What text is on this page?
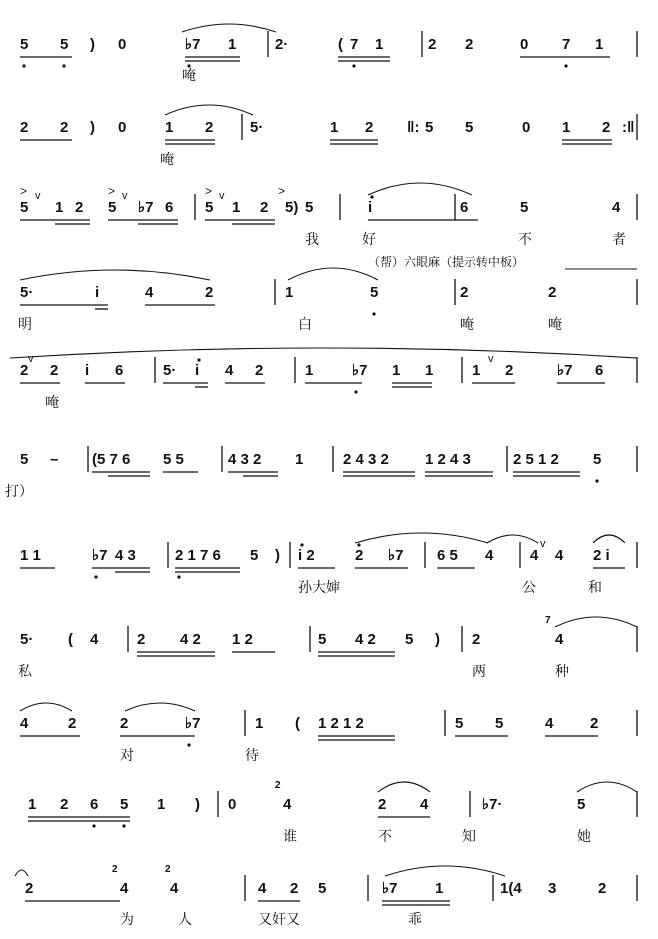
5 5 ) 0	♭7 1	2·	( 7 1	2 2	0 7 1
唵
2 2 ) 0	1 2 5·	1 2 ‖: 5 5	0 1 2 :‖
唵
5 1 2 5 ♭7 6 5 1 2 5) 5	i	6	5	4
我	好	不	者
>	>	>	>
v	v	v
5·	i	4	2	1	5	2	2
明	白	唵	唵
（帮）六眼麻（提示转中板）
2 2 i 6	5· i 4 2	1	♭7 1 1	1 2	♭7 6
唵
v	v
5 – (5 7 6 5 5	4 3 2 1	2 4 3 2 1 2 4 3	2 5 1 2 5
打）
1 1	♭7 4 3	2 1 7 6 5 ) i 2	2 ♭7 6 5 4 4 4 2 i
孙大婶	公	和
v
5· ( 4	2 4 2 1 2	5 4 2 5 ) 2	4
私	两	种
7
4	2	2	♭7	1 ( 1 2 1 2	5 5	4 2
对	待
1 2 6 5 1 ) 0	4	2 4	♭7·	5
谁	不	知	她
2
2	4	4	4 2 5	♭7	1	1(4 3	2
为	人	又奸又	乖
2	2
